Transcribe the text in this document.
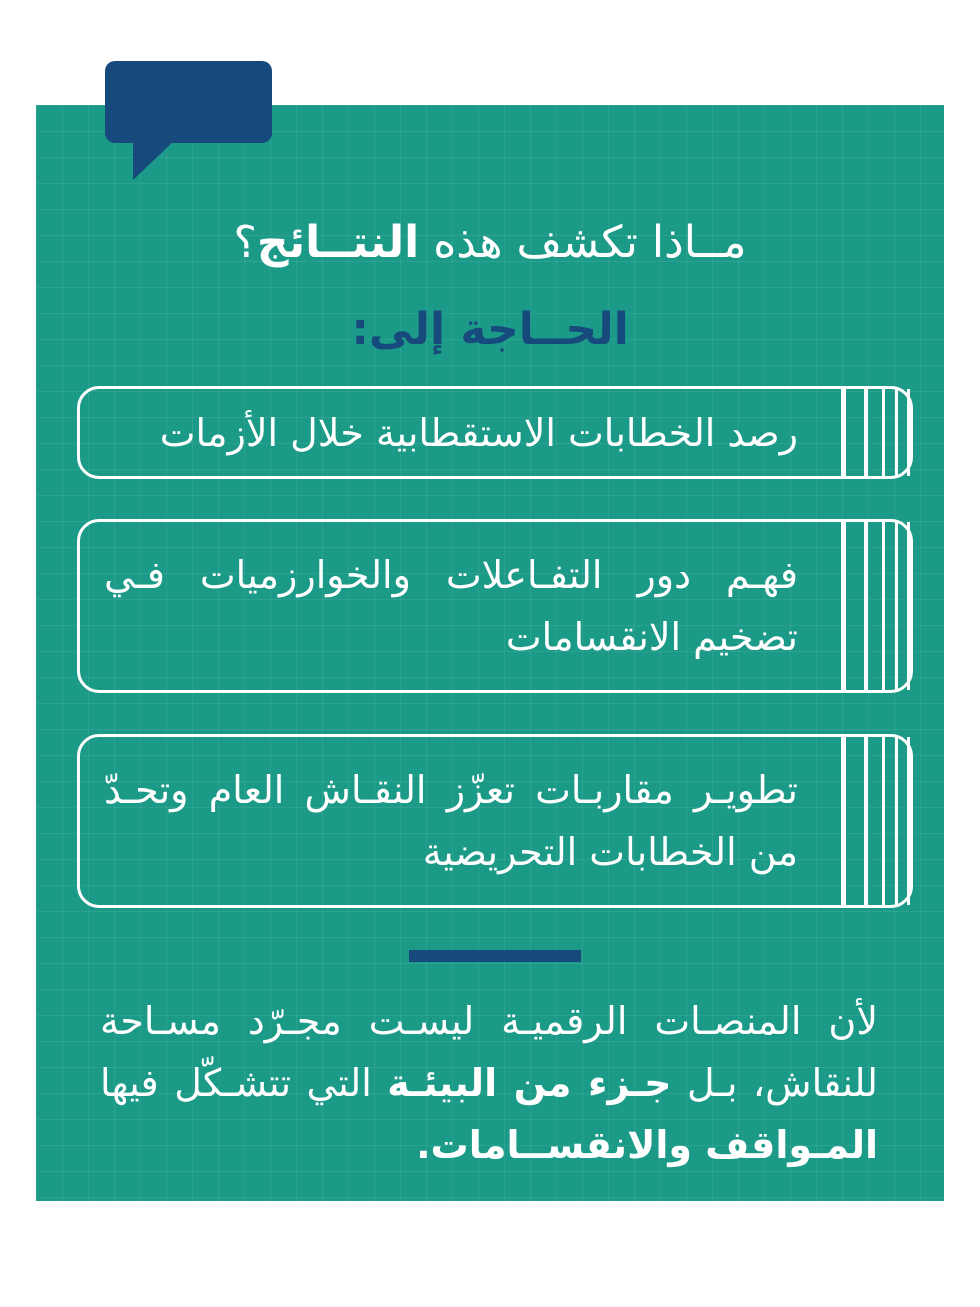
مــاذا تكشف هذه النتــائج؟
الحــاجة إلى:
رصد الخطابات الاستقطابية خلال الأزمات
فهـم دور التفـاعلات والخوارزميات فـي تضخيم الانقسامات
تطويـر مقاربـات تعزّز النقـاش العام وتحـدّ من الخطابات التحريضية
لأن المنصـات الرقميـة ليسـت مجـرّد مسـاحة للنقاش، بـل جـزء من البيئـة التي تتشـكّل فيها المـواقف والانقســامات.
